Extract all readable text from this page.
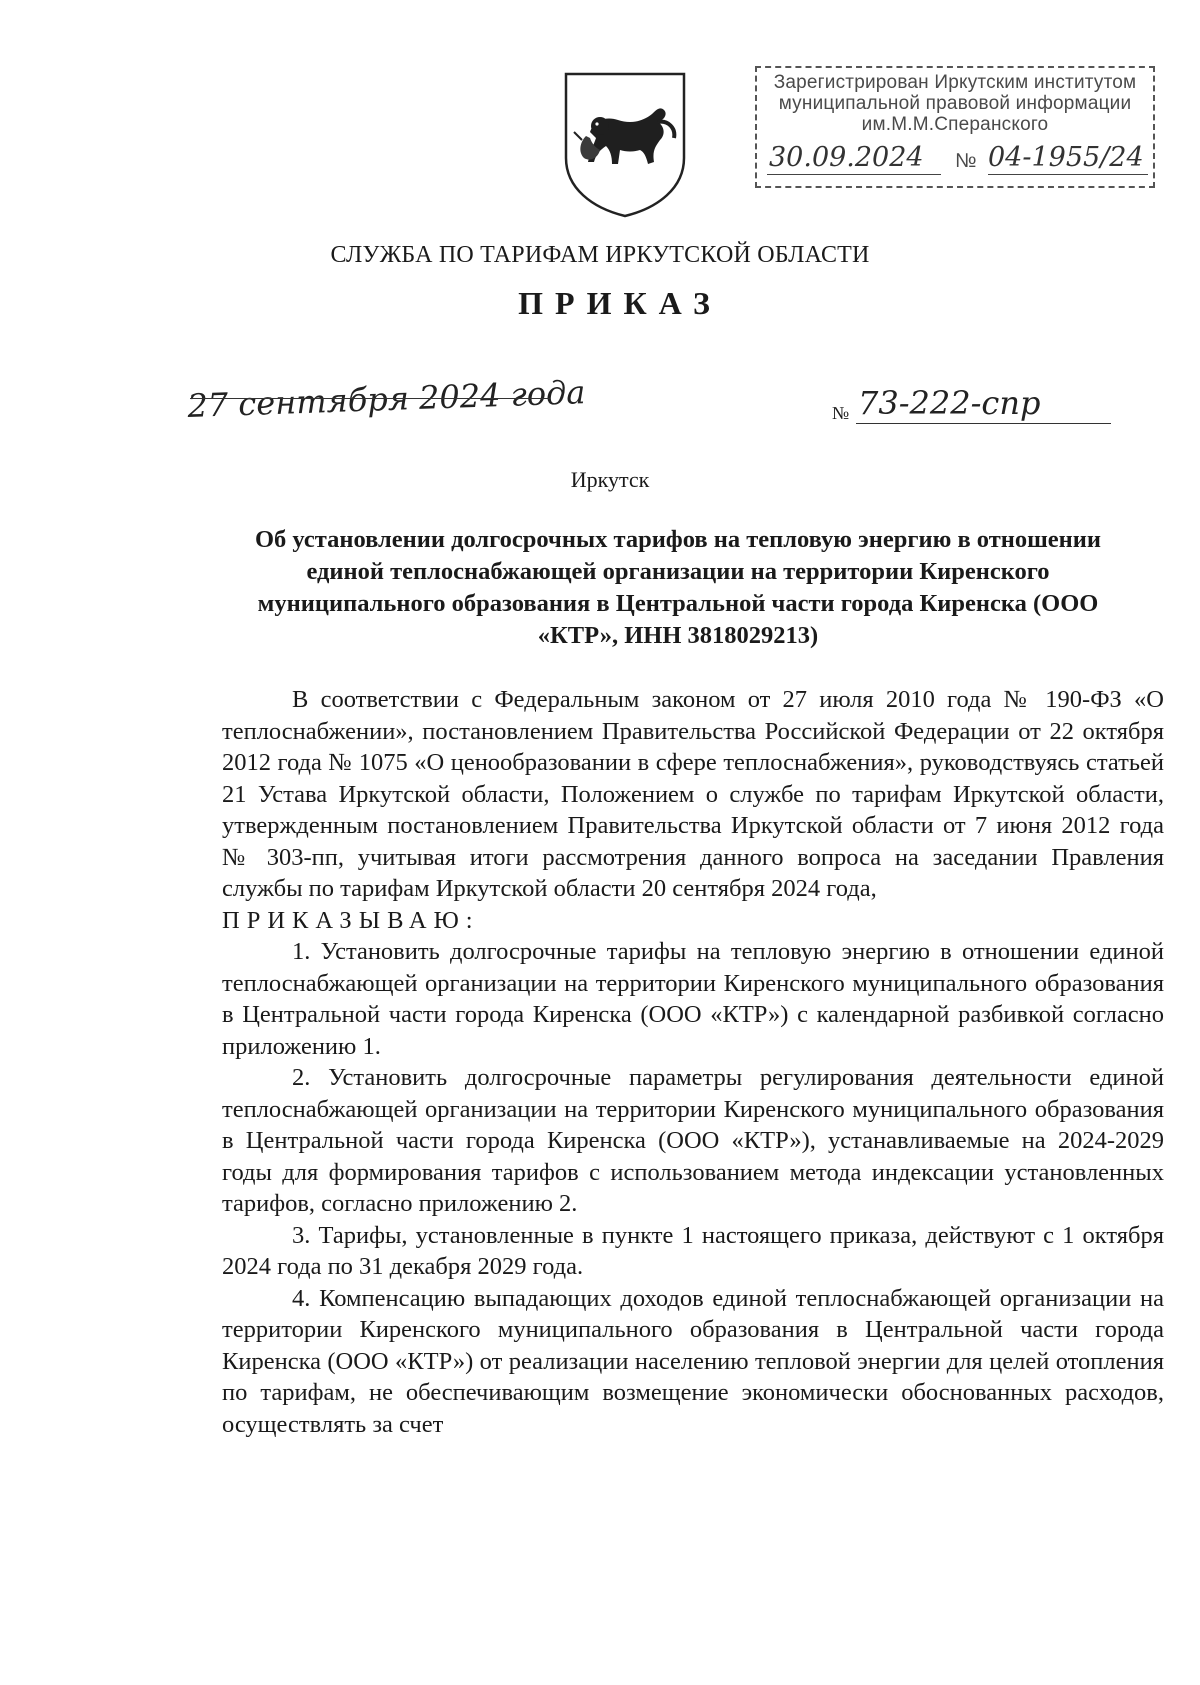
Зарегистрирован Иркутским институтом
муниципальной правовой информации
им.М.М.Сперанского
30.09.2024 № 04-1955/24
СЛУЖБА ПО ТАРИФАМ ИРКУТСКОЙ ОБЛАСТИ
ПРИКАЗ
27 сентября 2024 года	№ 73-222-спр
Иркутск
Об установлении долгосрочных тарифов на тепловую энергию в отношении единой теплоснабжающей организации на территории Киренского муниципального образования в Центральной части города Киренска (ООО «КТР», ИНН 3818029213)

В соответствии с Федеральным законом от 27 июля 2010 года № 190-ФЗ «О теплоснабжении», постановлением Правительства Российской Федерации от 22 октября 2012 года № 1075 «О ценообразовании в сфере теплоснабжения», руководствуясь статьей 21 Устава Иркутской области, Положением о службе по тарифам Иркутской области, утвержденным постановлением Правительства Иркутской области от 7 июня 2012 года № 303-пп, учитывая итоги рассмотрения данного вопроса на заседании Правления службы по тарифам Иркутской области 20 сентября 2024 года,

ПРИКАЗЫВАЮ:

1. Установить долгосрочные тарифы на тепловую энергию в отношении единой теплоснабжающей организации на территории Киренского муниципального образования в Центральной части города Киренска (ООО «КТР») с календарной разбивкой согласно приложению 1.

2. Установить долгосрочные параметры регулирования деятельности единой теплоснабжающей организации на территории Киренского муниципального образования в Центральной части города Киренска (ООО «КТР»), устанавливаемые на 2024-2029 годы для формирования тарифов с использованием метода индексации установленных тарифов, согласно приложению 2.

3. Тарифы, установленные в пункте 1 настоящего приказа, действуют с 1 октября 2024 года по 31 декабря 2029 года.

4. Компенсацию выпадающих доходов единой теплоснабжающей организации на территории Киренского муниципального образования в Центральной части города Киренска (ООО «КТР») от реализации населению тепловой энергии для целей отопления по тарифам, не обеспечивающим возмещение экономически обоснованных расходов, осуществлять за счет
